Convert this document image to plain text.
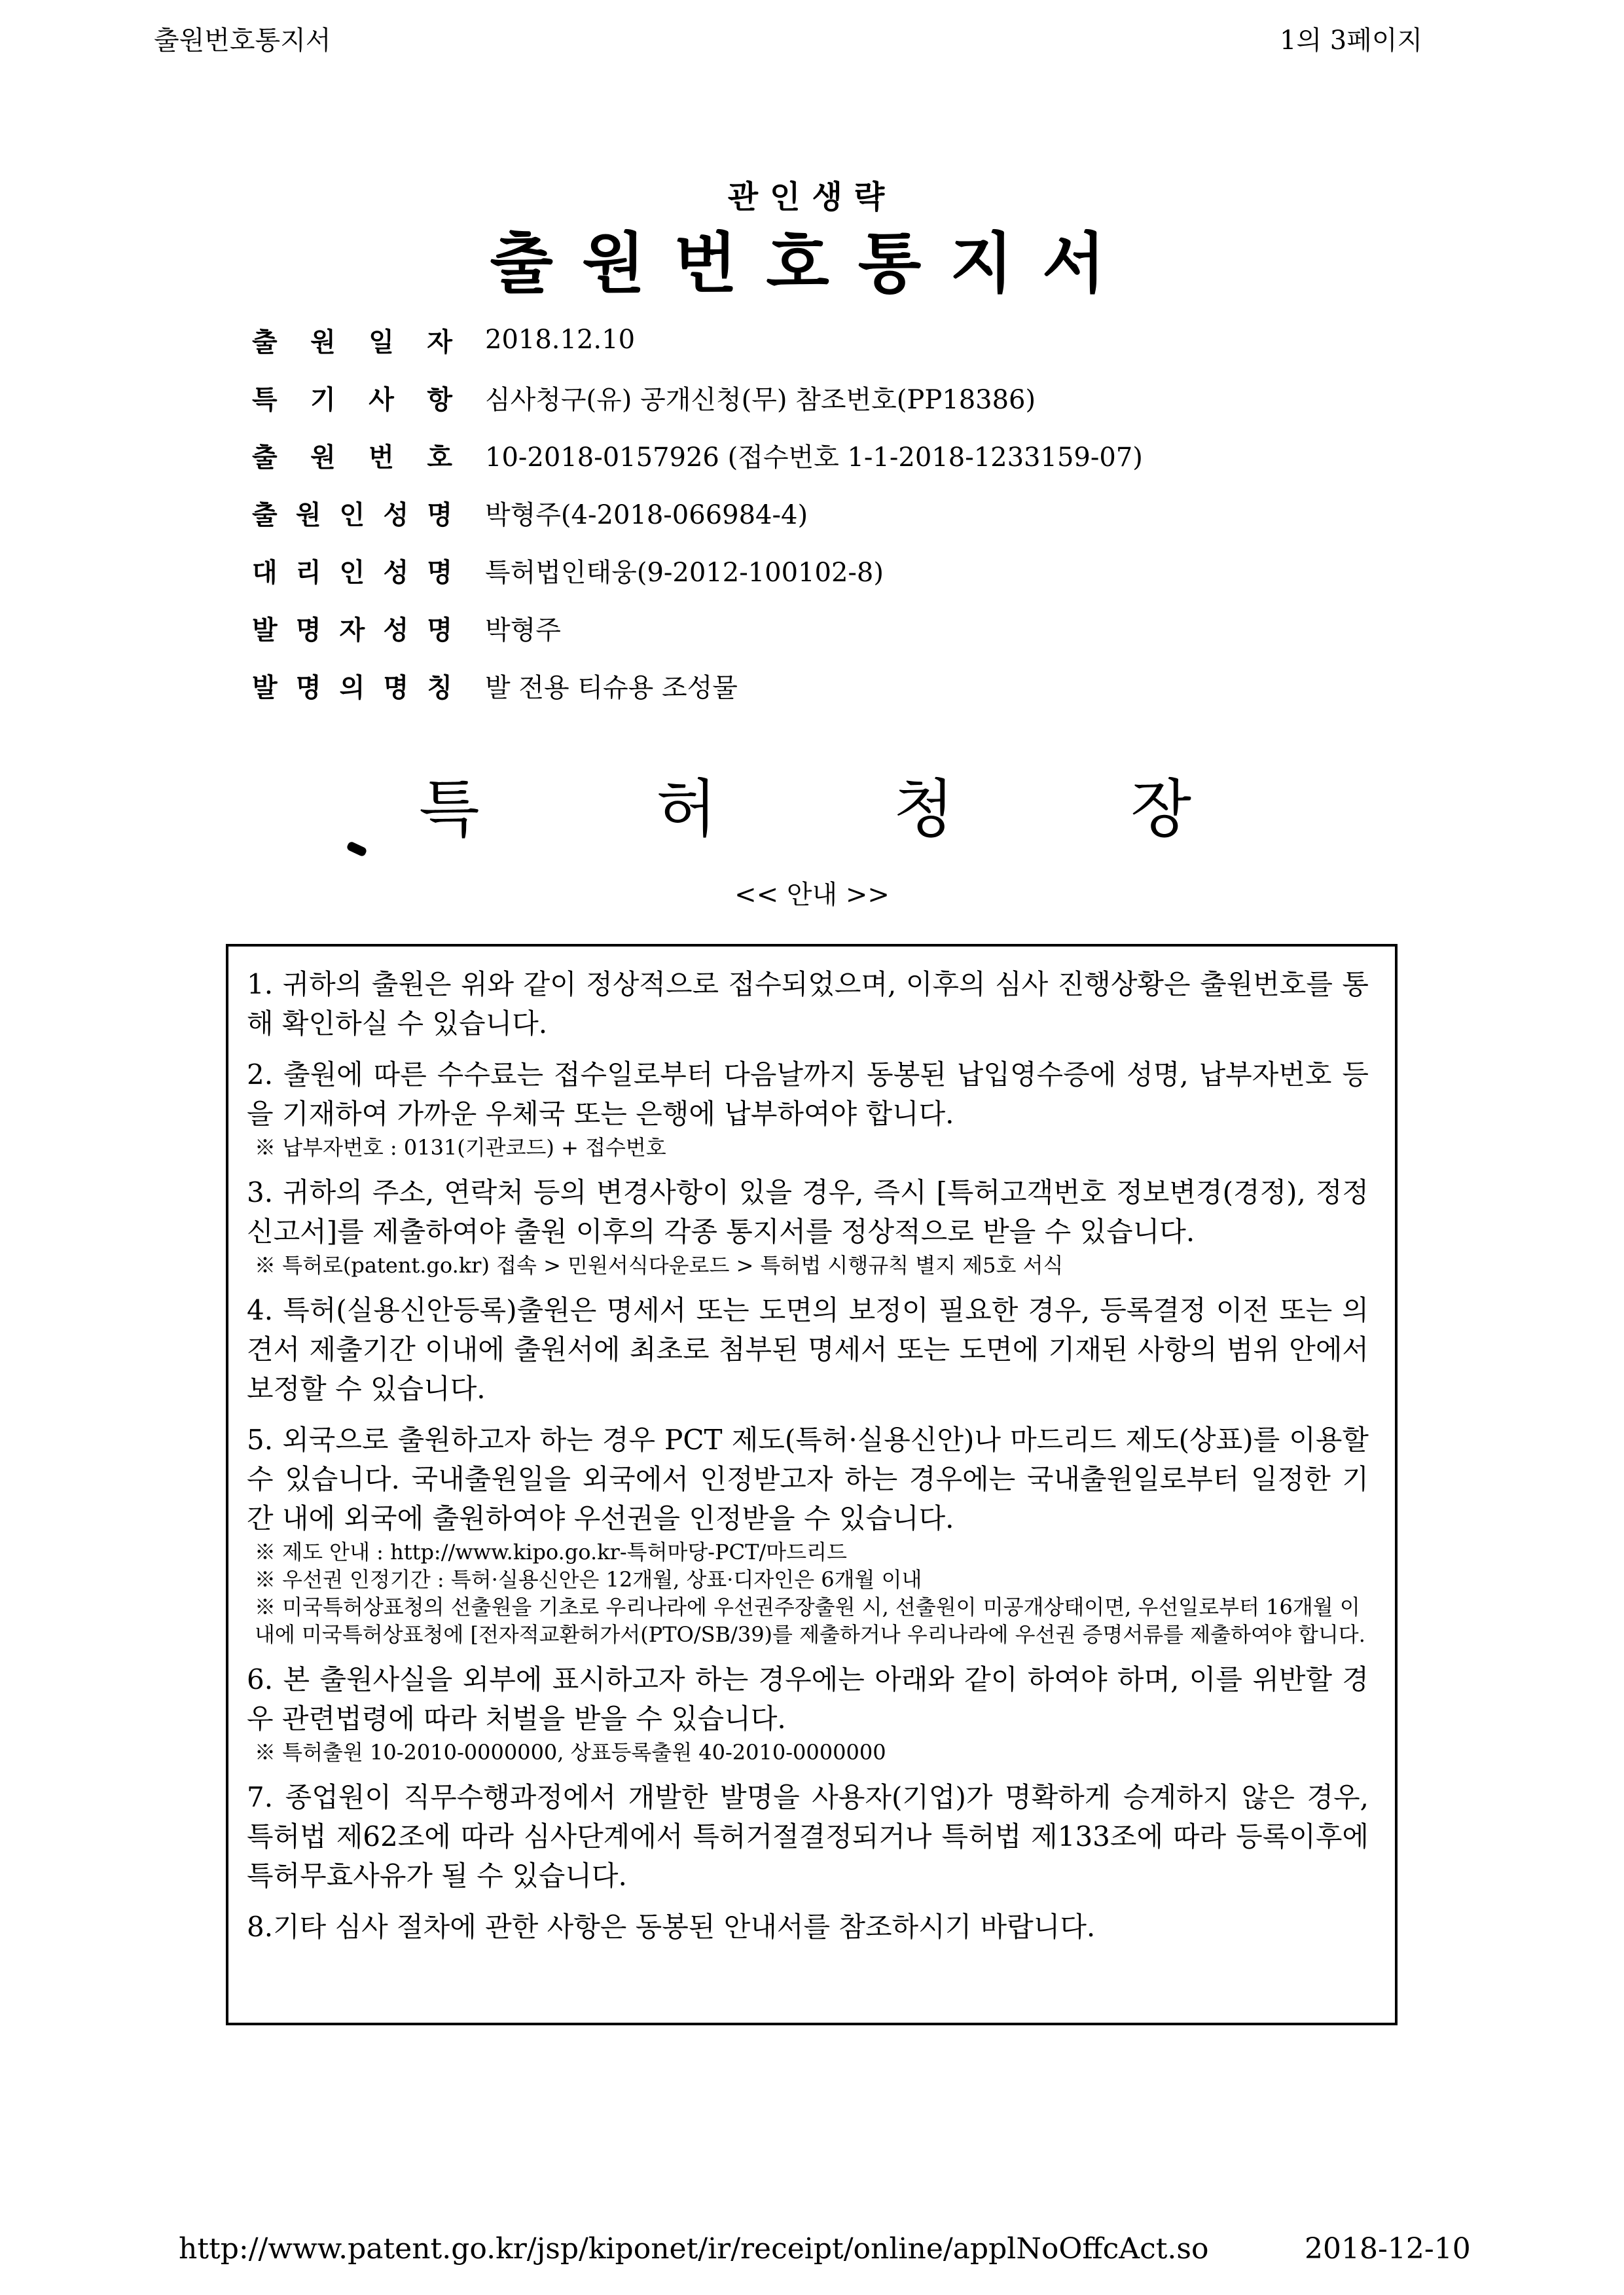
출원번호통지서	1의 3페이지
관인생략
출원번호통지서
출 원 일 자 2018.12.10
특 기 사 항 심사청구(유) 공개신청(무) 참조번호(PP18386)
출 원 번 호 10-2018-0157926 (접수번호 1-1-2018-1233159-07)
출 원 인 성 명 박형주(4-2018-066984-4)
대 리 인 성 명 특허법인태웅(9-2012-100102-8)
발 명 자 성 명 박형주
발 명 의 명 칭 발 전용 티슈용 조성물
특	허	청	장
<< 안내 >>

1. 귀하의 출원은 위와 같이 정상적으로 접수되었으며, 이후의 심사 진행상황은 출원번호를 통해 확인하실 수 있습니다.

2. 출원에 따른 수수료는 접수일로부터 다음날까지 동봉된 납입영수증에 성명, 납부자번호 등을 기재하여 가까운 우체국 또는 은행에 납부하여야 합니다.

※ 납부자번호 : 0131(기관코드) + 접수번호

3. 귀하의 주소, 연락처 등의 변경사항이 있을 경우, 즉시 [특허고객번호 정보변경(경정), 정정신고서]를 제출하여야 출원 이후의 각종 통지서를 정상적으로 받을 수 있습니다.

※ 특허로(patent.go.kr) 접속 > 민원서식다운로드 > 특허법 시행규칙 별지 제5호 서식

4. 특허(실용신안등록)출원은 명세서 또는 도면의 보정이 필요한 경우, 등록결정 이전 또는 의견서 제출기간 이내에 출원서에 최초로 첨부된 명세서 또는 도면에 기재된 사항의 범위 안에서 보정할 수 있습니다.

5. 외국으로 출원하고자 하는 경우 PCT 제도(특허·실용신안)나 마드리드 제도(상표)를 이용할 수 있습니다. 국내출원일을 외국에서 인정받고자 하는 경우에는 국내출원일로부터 일정한 기간 내에 외국에 출원하여야 우선권을 인정받을 수 있습니다.

※ 제도 안내 : http://www.kipo.go.kr-특허마당-PCT/마드리드

※ 우선권 인정기간 : 특허·실용신안은 12개월, 상표·디자인은 6개월 이내

※ 미국특허상표청의 선출원을 기초로 우리나라에 우선권주장출원 시, 선출원이 미공개상태이면, 우선일로부터 16개월 이내에 미국특허상표청에 [전자적교환허가서(PTO/SB/39)를 제출하거나 우리나라에 우선권 증명서류를 제출하여야 합니다.

6. 본 출원사실을 외부에 표시하고자 하는 경우에는 아래와 같이 하여야 하며, 이를 위반할 경우 관련법령에 따라 처벌을 받을 수 있습니다.

※ 특허출원 10-2010-0000000, 상표등록출원 40-2010-0000000

7. 종업원이 직무수행과정에서 개발한 발명을 사용자(기업)가 명확하게 승계하지 않은 경우, 특허법 제62조에 따라 심사단계에서 특허거절결정되거나 특허법 제133조에 따라 등록이후에 특허무효사유가 될 수 있습니다.

8.기타 심사 절차에 관한 사항은 동봉된 안내서를 참조하시기 바랍니다.

http://www.patent.go.kr/jsp/kiponet/ir/receipt/online/applNoOffcAct.so	2018-12-10
